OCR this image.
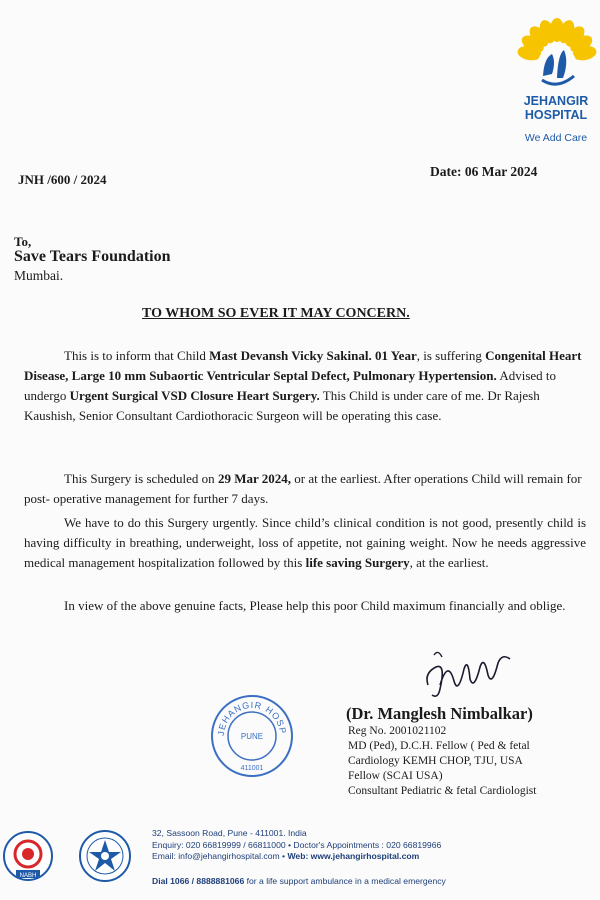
JEHANGIR
HOSPITAL
We Add Care
JNH /600 / 2024
Date: 06 Mar 2024
To,
Save Tears Foundation
Mumbai.
TO WHOM SO EVER IT MAY CONCERN.

This is to inform that Child Mast Devansh Vicky Sakinal. 01 Year, is suffering Congenital Heart Disease, Large 10 mm Subaortic Ventricular Septal Defect, Pulmonary Hypertension. Advised to undergo Urgent Surgical VSD Closure Heart Surgery. This Child is under care of me. Dr Rajesh Kaushish, Senior Consultant Cardiothoracic Surgeon will be operating this case.

This Surgery is scheduled on 29 Mar 2024, or at the earliest. After operations Child will remain for post- operative management for further 7 days.

We have to do this Surgery urgently. Since child’s clinical condition is not good, presently child is having difficulty in breathing, underweight, loss of appetite, not gaining weight. Now he needs aggressive medical management hospitalization followed by this life saving Surgery, at the earliest.

In view of the above genuine facts, Please help this poor Child maximum financially and oblige.

JEHANGIR HOSP
PUNE
411001
(Dr. Manglesh Nimbalkar)
Reg No. 2001021102
MD (Ped), D.C.H. Fellow ( Ped & fetal
Cardiology KEMH CHOP, TJU, USA
Fellow (SCAI USA)
Consultant Pediatric & fetal Cardiologist
NABH
32, Sassoon Road, Pune - 411001. India
Enquiry: 020 66819999 / 66811000 • Doctor's Appointments : 020 66819966
Email: info@jehangirhospital.com • Web: www.jehangirhospital.com
Dial 1066 / 8888881066 for a life support ambulance in a medical emergency
